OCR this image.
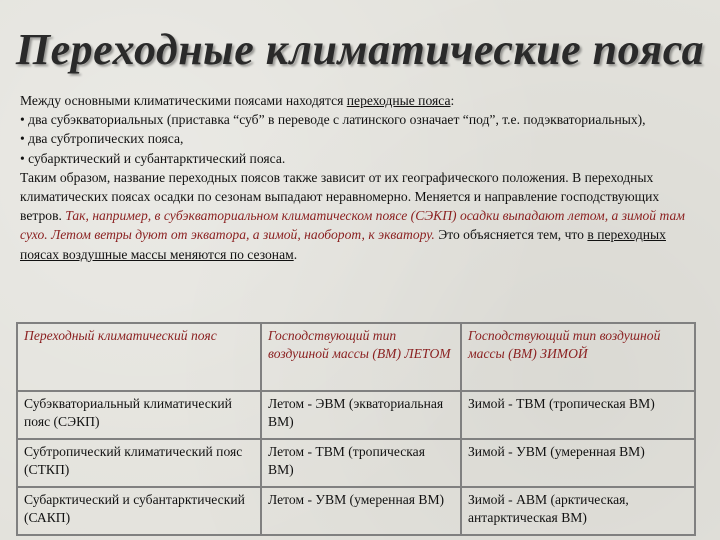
Переходные климатические пояса

Между основными климатическими поясами находятся переходные пояса:

• два субэкваториальных (приставка “суб” в переводе с латинского означает “под”, т.е. подэкваториальных),

• два субтропических пояса,

• субарктический и субантарктический пояса.

Таким образом, название переходных поясов также зависит от их географического положения. В переходных климатических поясах осадки по сезонам выпадают неравномерно. Меняется и направление господствующих ветров. Так, например, в субэкваториальном климатическом поясе (СЭКП) осадки выпадают летом, а зимой там сухо. Летом ветры дуют от экватора, а зимой, наоборот, к экватору. Это объясняется тем, что в переходных поясах воздушные массы меняются по сезонам.

Переходный климатический пояс	Господствующий тип воздушной массы (ВМ) ЛЕТОМ	Господствующий тип воздушной массы (ВМ) ЗИМОЙ
Субэкваториальный климатический пояс (СЭКП)	Летом - ЭВМ (экваториальная ВМ)	Зимой - ТВМ (тропическая ВМ)
Субтропический климатический пояс (СТКП)	Летом - ТВМ (тропическая ВМ)	Зимой - УВМ (умеренная ВМ)
Субарктический и субантарктический (САКП)	Летом - УВМ (умеренная ВМ)	Зимой - АВМ (арктическая, антарктическая ВМ)
